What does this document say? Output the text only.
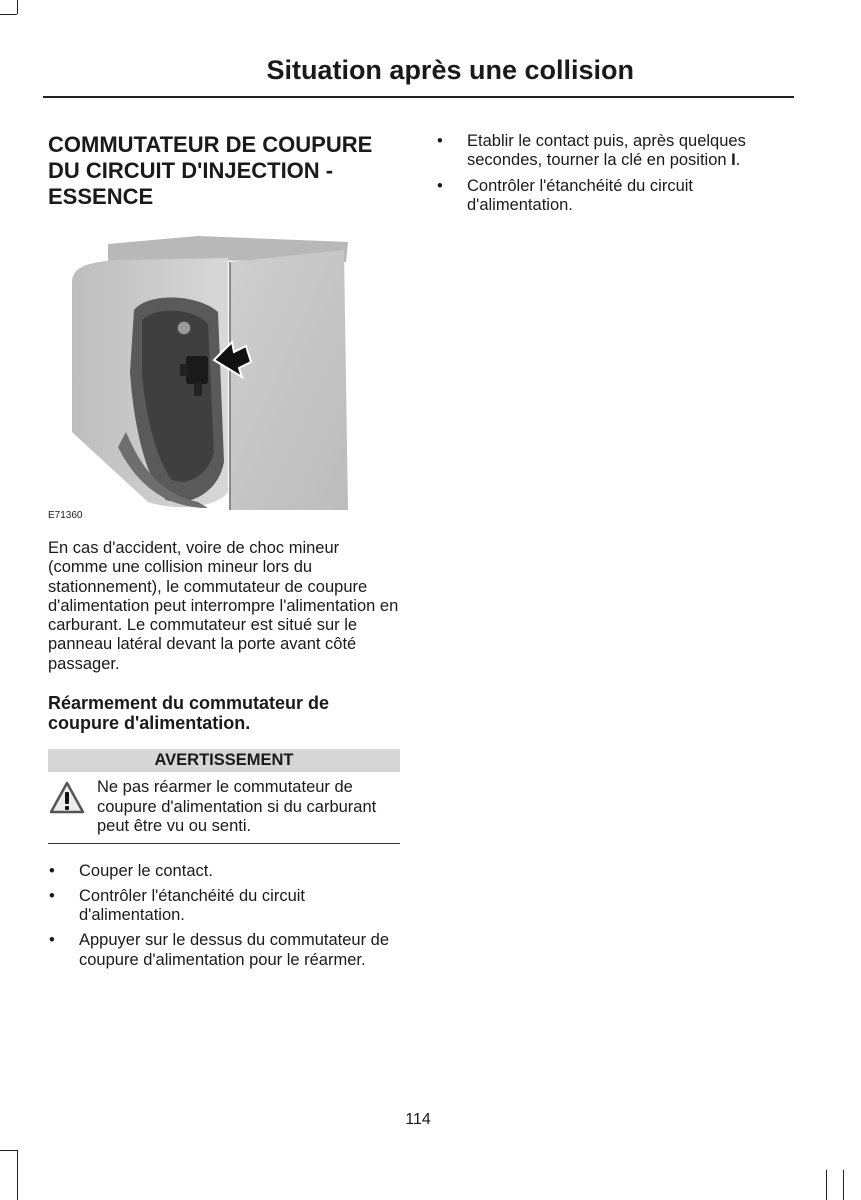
Situation après une collision
COMMUTATEUR DE COUPURE DU CIRCUIT D'INJECTION - ESSENCE
E71360
En cas d'accident, voire de choc mineur (comme une collision mineur lors du stationnement), le commutateur de coupure d'alimentation peut interrompre l'alimentation en carburant. Le commutateur est situé sur le panneau latéral devant la porte avant côté passager.
Réarmement du commutateur de coupure d'alimentation.
AVERTISSEMENT
Ne pas réarmer le commutateur de coupure d'alimentation si du carburant peut être vu ou senti.
• Couper le contact.
• Contrôler l'étanchéité du circuit d'alimentation.
• Appuyer sur le dessus du commutateur de coupure d'alimentation pour le réarmer.
• Etablir le contact puis, après quelques secondes, tourner la clé en position I.
• Contrôler l'étanchéité du circuit d'alimentation.
114
